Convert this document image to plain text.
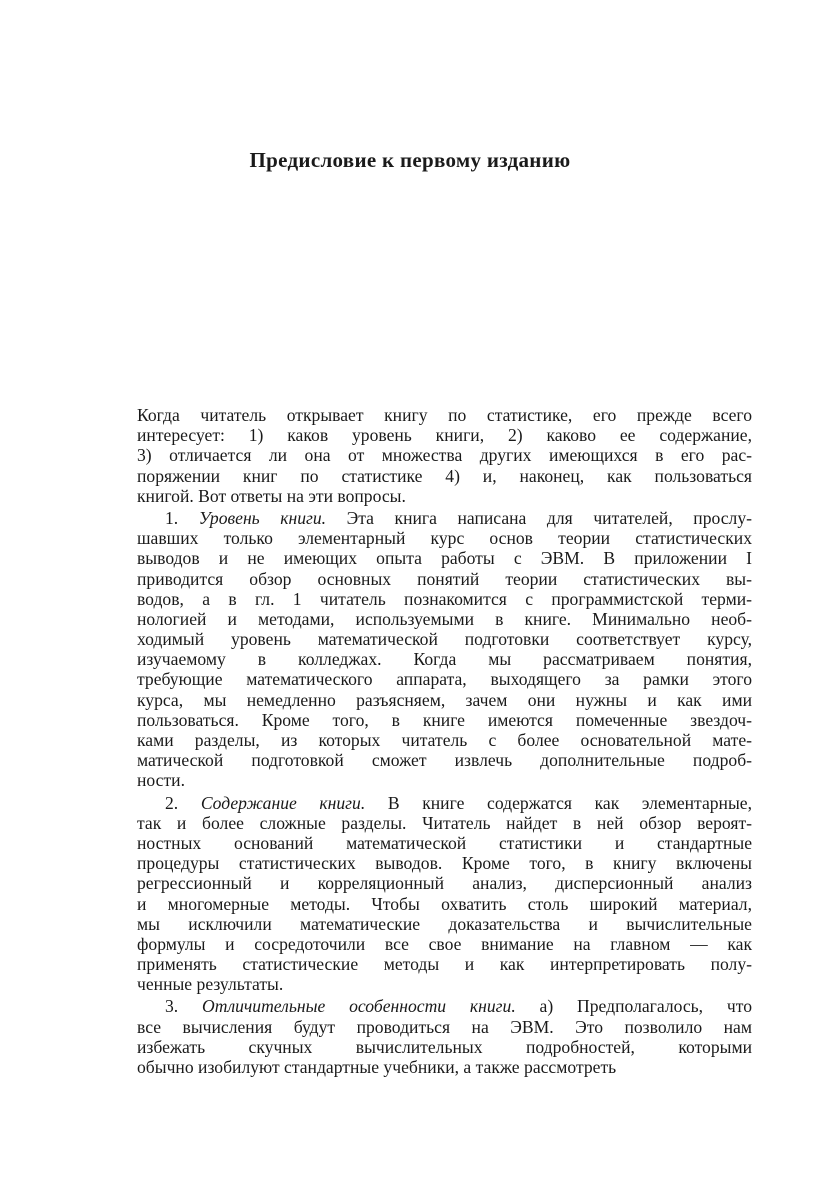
Предисловие к первому изданию
Когда читатель открывает книгу по статистике, его прежде всего
интересует: 1) каков уровень книги, 2) каково ее содержание,
3) отличается ли она от множества других имеющихся в его рас-
поряжении книг по статистике 4) и, наконец, как пользоваться
книгой. Вот ответы на эти вопросы.
1. Уровень книги. Эта книга написана для читателей, прослу-
шавших только элементарный курс основ теории статистических
выводов и не имеющих опыта работы с ЭВМ. В приложении I
приводится обзор основных понятий теории статистических вы-
водов, а в гл. 1 читатель познакомится с программистской терми-
нологией и методами, используемыми в книге. Минимально необ-
ходимый уровень математической подготовки соответствует курсу,
изучаемому в колледжах. Когда мы рассматриваем понятия,
требующие математического аппарата, выходящего за рамки этого
курса, мы немедленно разъясняем, зачем они нужны и как ими
пользоваться. Кроме того, в книге имеются помеченные звездоч-
ками разделы, из которых читатель с более основательной мате-
матической подготовкой сможет извлечь дополнительные подроб-
ности.
2. Содержание книги. В книге содержатся как элементарные,
так и более сложные разделы. Читатель найдет в ней обзор вероят-
ностных оснований математической статистики и стандартные
процедуры статистических выводов. Кроме того, в книгу включены
регрессионный и корреляционный анализ, дисперсионный анализ
и многомерные методы. Чтобы охватить столь широкий материал,
мы исключили математические доказательства и вычислительные
формулы и сосредоточили все свое внимание на главном — как
применять статистические методы и как интерпретировать полу-
ченные результаты.
3. Отличительные особенности книги. а) Предполагалось, что
все вычисления будут проводиться на ЭВМ. Это позволило нам
избежать скучных вычислительных подробностей, которыми
обычно изобилуют стандартные учебники, а также рассмотреть
